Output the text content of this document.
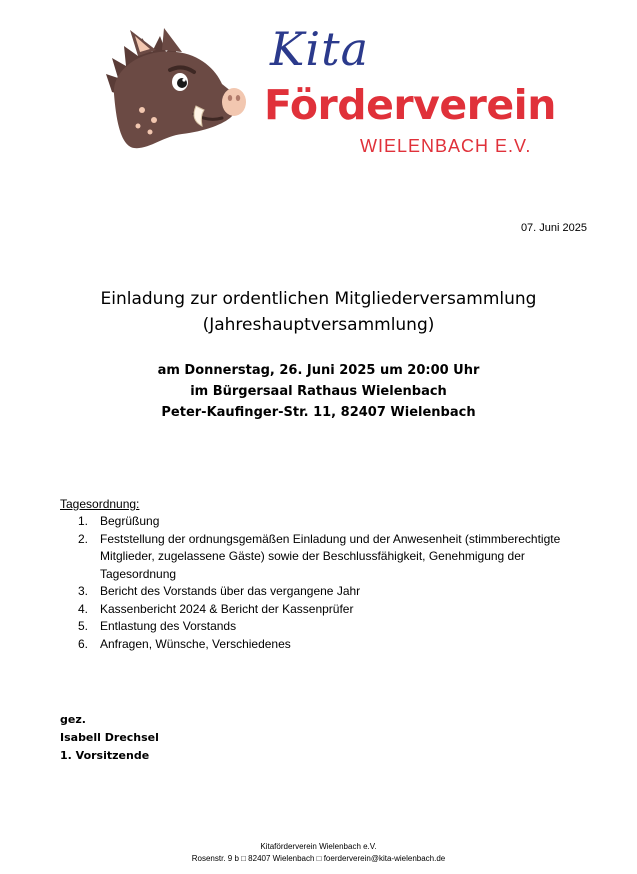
Kita
Förderverein
WIELENBACH E.V.
07. Juni 2025
Einladung zur ordentlichen Mitgliederversammlung
(Jahreshauptversammlung)
am Donnerstag, 26. Juni 2025 um 20:00 Uhr
im Bürgersaal Rathaus Wielenbach
Peter-Kaufinger-Str. 11, 82407 Wielenbach
Tagesordnung:
1. Begrüßung
2. Feststellung der ordnungsgemäßen Einladung und der Anwesenheit (stimmberechtigte Mitglieder, zugelassene Gäste) sowie der Beschlussfähigkeit, Genehmigung der Tagesordnung
3. Bericht des Vorstands über das vergangene Jahr
4. Kassenbericht 2024 & Bericht der Kassenprüfer
5. Entlastung des Vorstands
6. Anfragen, Wünsche, Verschiedenes
gez.
Isabell Drechsel
1. Vorsitzende
Kitaförderverein Wielenbach e.V.
Rosenstr. 9 b □ 82407 Wielenbach □ foerderverein@kita-wielenbach.de
